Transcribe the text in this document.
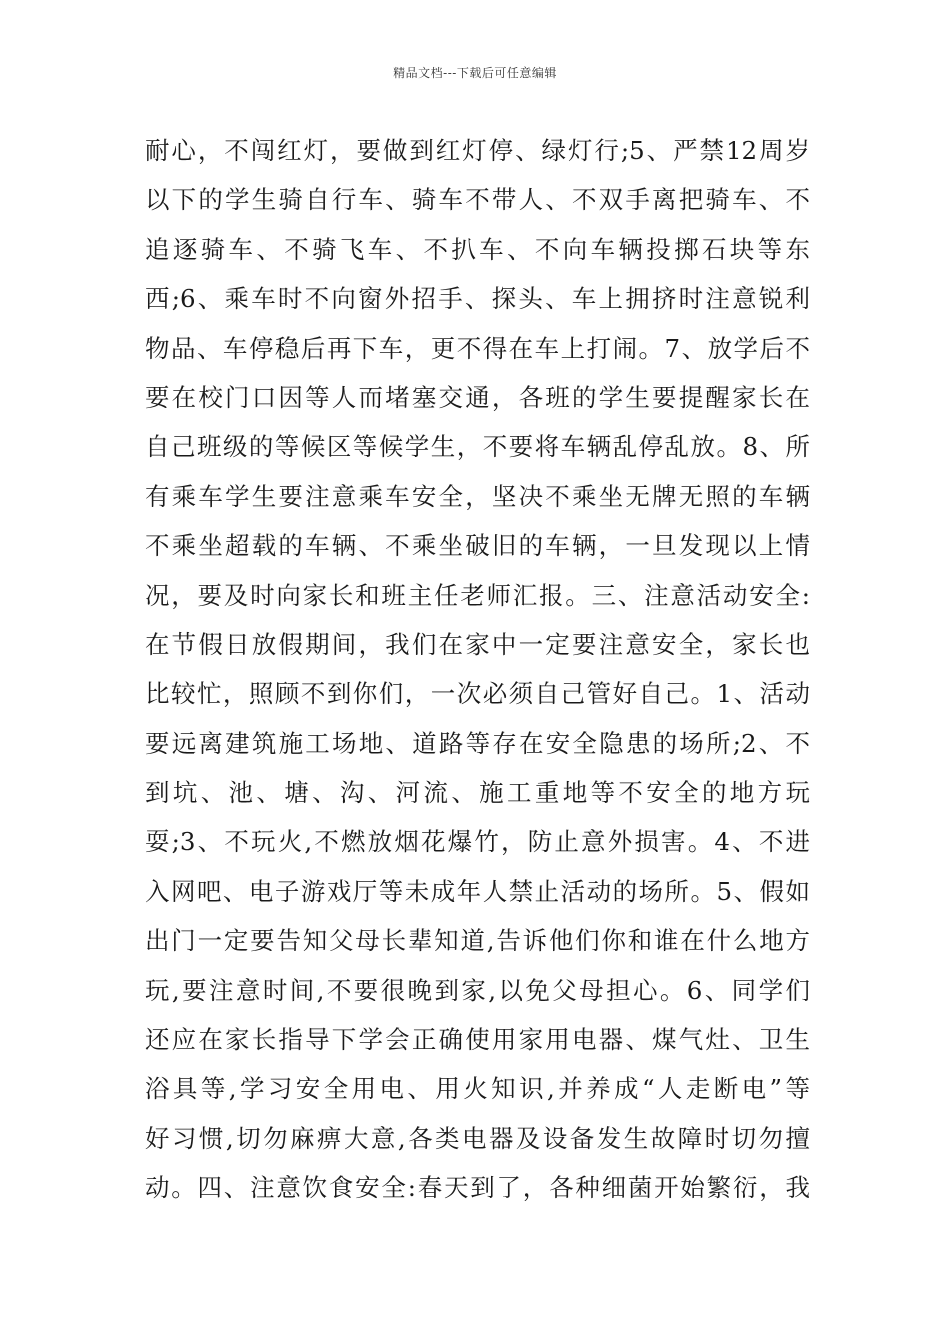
精品文档---下载后可任意编辑
耐心，不闯红灯，要做到红灯停、绿灯行;5、严禁12周岁
以下的学生骑自行车、骑车不带人、不双手离把骑车、不
追逐骑车、不骑飞车、不扒车、不向车辆投掷石块等东
西;6、乘车时不向窗外招手、探头、车上拥挤时注意锐利
物品、车停稳后再下车，更不得在车上打闹。7、放学后不
要在校门口因等人而堵塞交通，各班的学生要提醒家长在
自己班级的等候区等候学生，不要将车辆乱停乱放。8、所
有乘车学生要注意乘车安全，坚决不乘坐无牌无照的车辆
不乘坐超载的车辆、不乘坐破旧的车辆，一旦发现以上情
况，要及时向家长和班主任老师汇报。三、注意活动安全:
在节假日放假期间，我们在家中一定要注意安全，家长也
比较忙，照顾不到你们，一次必须自己管好自己。1、活动
要远离建筑施工场地、道路等存在安全隐患的场所;2、不
到坑、池、塘、沟、河流、施工重地等不安全的地方玩
耍;3、不玩火,不燃放烟花爆竹，防止意外损害。4、不进
入网吧、电子游戏厅等未成年人禁止活动的场所。5、假如
出门一定要告知父母长辈知道,告诉他们你和谁在什么地方
玩,要注意时间,不要很晚到家,以免父母担心。6、同学们
还应在家长指导下学会正确使用家用电器、煤气灶、卫生
浴具等,学习安全用电、用火知识,并养成“人走断电”等
好习惯,切勿麻痹大意,各类电器及设备发生故障时切勿擅
动。四、注意饮食安全:春天到了，各种细菌开始繁衍，我
